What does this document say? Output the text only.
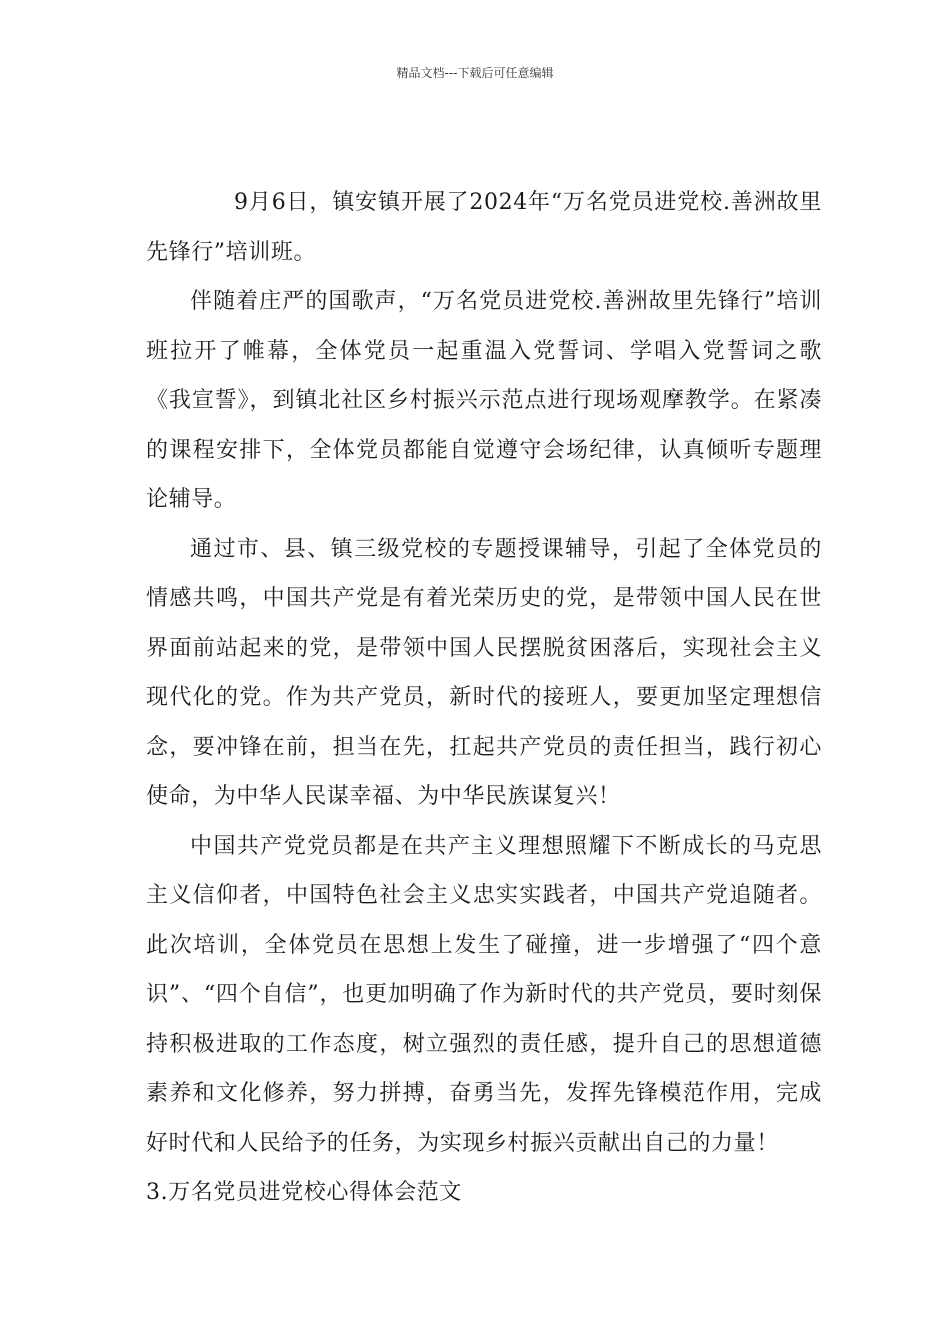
精品文档---下载后可任意编辑

9月6日，镇安镇开展了2024年“万名党员进党校.善洲故里先锋行”培训班。

伴随着庄严的国歌声，“万名党员进党校.善洲故里先锋行”培训班拉开了帷幕，全体党员一起重温入党誓词、学唱入党誓词之歌《我宣誓》，到镇北社区乡村振兴示范点进行现场观摩教学。在紧凑的课程安排下，全体党员都能自觉遵守会场纪律，认真倾听专题理论辅导。

通过市、县、镇三级党校的专题授课辅导，引起了全体党员的情感共鸣，中国共产党是有着光荣历史的党，是带领中国人民在世界面前站起来的党，是带领中国人民摆脱贫困落后，实现社会主义现代化的党。作为共产党员，新时代的接班人，要更加坚定理想信念，要冲锋在前，担当在先，扛起共产党员的责任担当，践行初心使命，为中华人民谋幸福、为中华民族谋复兴！

中国共产党党员都是在共产主义理想照耀下不断成长的马克思主义信仰者，中国特色社会主义忠实实践者，中国共产党追随者。此次培训，全体党员在思想上发生了碰撞，进一步增强了“四个意识”、“四个自信”，也更加明确了作为新时代的共产党员，要时刻保持积极进取的工作态度，树立强烈的责任感，提升自己的思想道德素养和文化修养，努力拼搏，奋勇当先，发挥先锋模范作用，完成好时代和人民给予的任务，为实现乡村振兴贡献出自己的力量！

3.万名党员进党校心得体会范文
